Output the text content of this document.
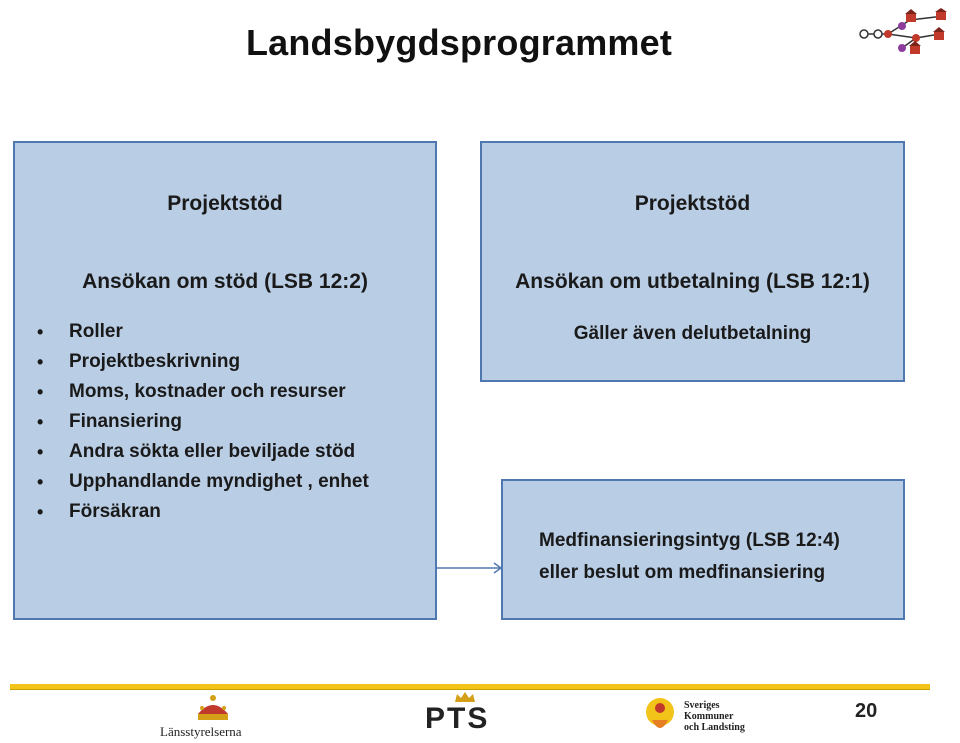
Landsbygdsprogrammet
Projektstöd
Ansökan om stöd (LSB 12:2)
• Roller
• Projektbeskrivning
• Moms, kostnader och resurser
• Finansiering
• Andra sökta eller beviljade stöd
• Upphandlande myndighet , enhet
• Försäkran
Projektstöd
Ansökan om utbetalning (LSB 12:1)
Gäller även delutbetalning
Medfinansieringsintyg (LSB 12:4)
eller beslut om medfinansiering
Länsstyrelserna	PTS	Sveriges
Kommuner
och Landsting
20
